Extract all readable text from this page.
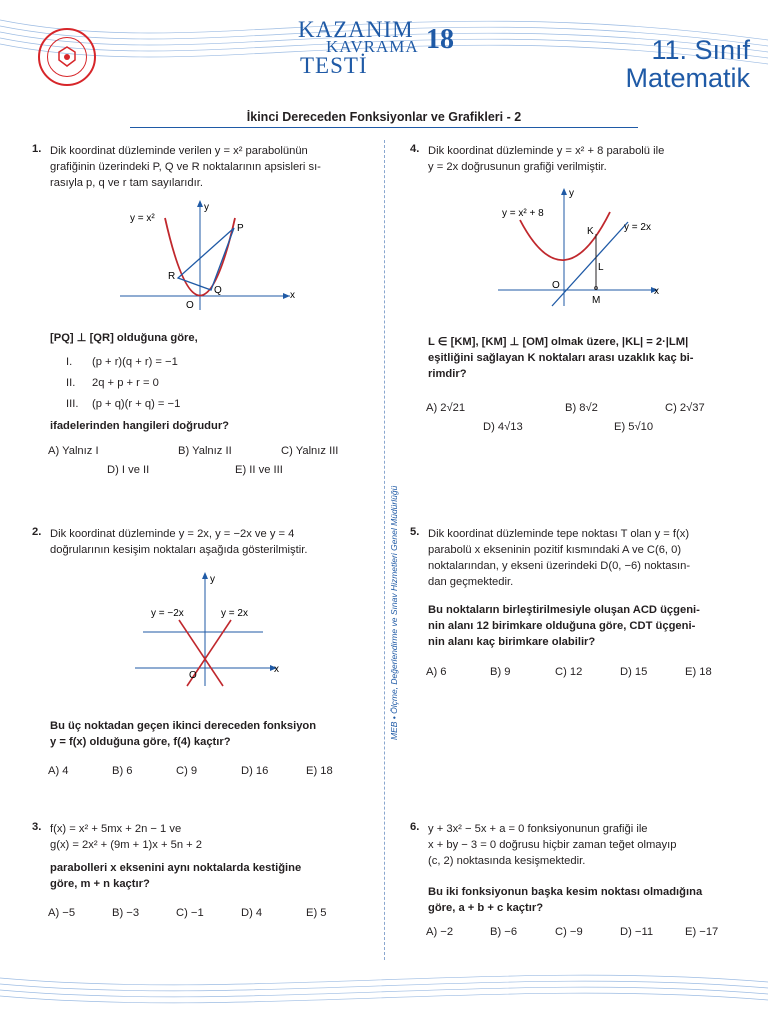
KAZANIM
KAVRAMA
TESTİ
18	11. Sınıf
Matematik
İkinci Dereceden Fonksiyonlar ve Grafikleri - 2
MEB • Ölçme, Değerlendirme ve Sınav Hizmetleri Genel Müdürlüğü
1. Dik koordinat düzleminde verilen y = x² parabolünün
grafiğinin üzerindeki P, Q ve R noktalarının apsisleri sı-
rasıyla p, q ve r tam sayılarıdır.
y = x²
y
x
P
R
Q
O
[PQ] ⊥ [QR] olduğuna göre,
I. (p + r)(q + r) = −1
II. 2q + p + r = 0
III. (p + q)(r + q) = −1
ifadelerinden hangileri doğrudur?
A) Yalnız I	B) Yalnız II	C) Yalnız III
D) I ve II	E) II ve III
2. Dik koordinat düzleminde y = 2x, y = −2x ve y = 4
doğrularının kesişim noktaları aşağıda gösterilmiştir.
y = −2x	y = 2x
y
x
O
Bu üç noktadan geçen ikinci dereceden fonksiyon
y = f(x) olduğuna göre, f(4) kaçtır?
A) 4	B) 6	C) 9	D) 16	E) 18
3. f(x) = x² + 5mx + 2n − 1 ve
g(x) = 2x² + (9m + 1)x + 5n + 2
parabolleri x eksenini aynı noktalarda kestiğine
göre, m + n kaçtır?
A) −5	B) −3	C) −1	D) 4	E) 5
4. Dik koordinat düzleminde y = x² + 8 parabolü ile
y = 2x doğrusunun grafiği verilmiştir.
y = x² + 8
y = 2x
y
x
K
L
O
M
L ∈ [KM], [KM] ⊥ [OM] olmak üzere, |KL| = 2·|LM|
eşitliğini sağlayan K noktaları arası uzaklık kaç bi-
rimdir?
A) 2√21	B) 8√2	C) 2√37
D) 4√13	E) 5√10
5. Dik koordinat düzleminde tepe noktası T olan y = f(x)
parabolü x ekseninin pozitif kısmındaki A ve C(6, 0)
noktalarından, y ekseni üzerindeki D(0, −6) noktasın-
dan geçmektedir.
Bu noktaların birleştirilmesiyle oluşan ACD üçgeni-
nin alanı 12 birimkare olduğuna göre, CDT üçgeni-
nin alanı kaç birimkare olabilir?
A) 6	B) 9	C) 12	D) 15	E) 18
6. y + 3x² − 5x + a = 0 fonksiyonunun grafiği ile
x + by − 3 = 0 doğrusu hiçbir zaman teğet olmayıp
(c, 2) noktasında kesişmektedir.
Bu iki fonksiyonun başka kesim noktası olmadığına
göre, a + b + c kaçtır?
A) −2	B) −6	C) −9	D) −11	E) −17
